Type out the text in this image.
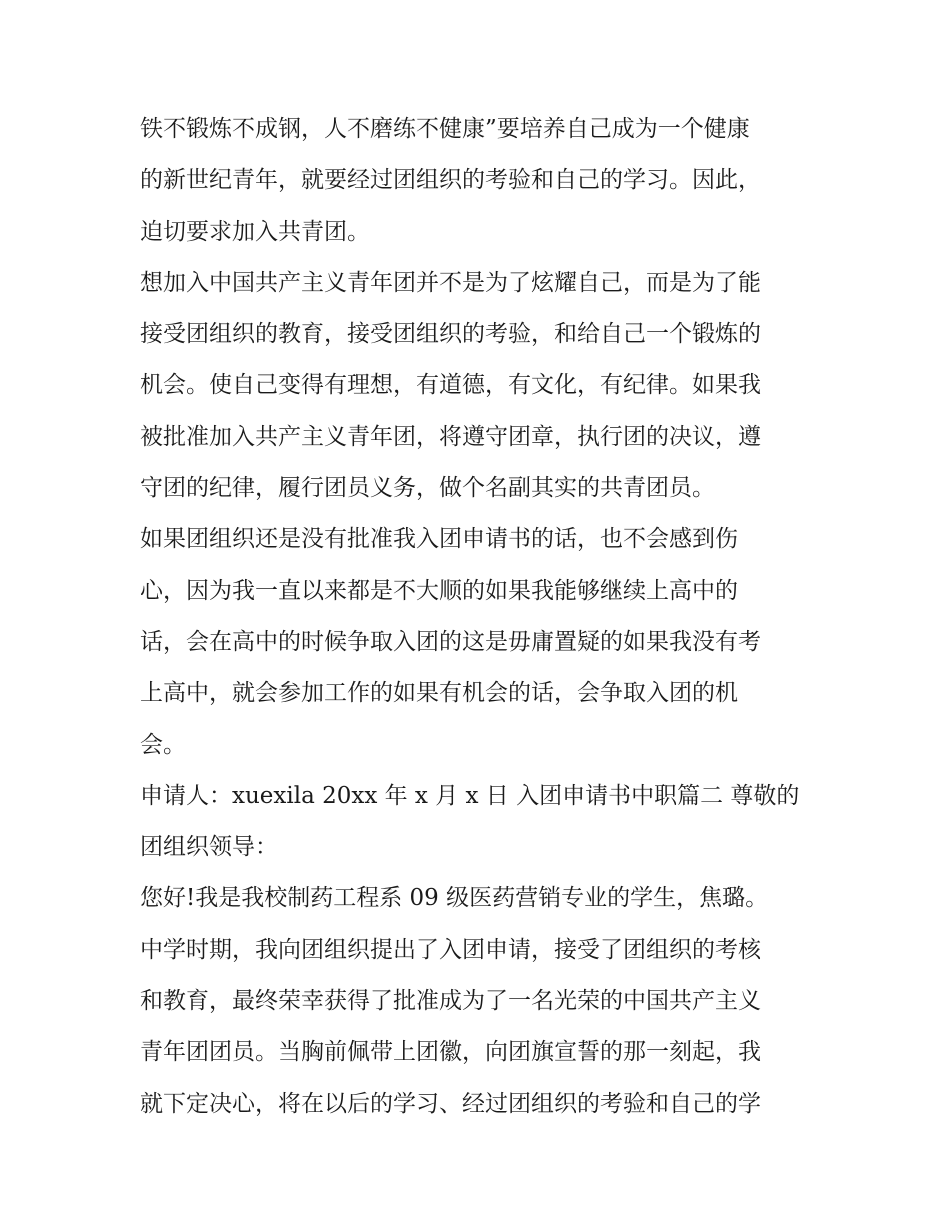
铁不锻炼不成钢，人不磨练不健康”要培养自己成为一个健康
的新世纪青年，就要经过团组织的考验和自己的学习。因此，
迫切要求加入共青团。
想加入中国共产主义青年团并不是为了炫耀自己，而是为了能
接受团组织的教育，接受团组织的考验，和给自己一个锻炼的
机会。使自己变得有理想，有道德，有文化，有纪律。如果我
被批准加入共产主义青年团，将遵守团章，执行团的决议，遵
守团的纪律，履行团员义务，做个名副其实的共青团员。
如果团组织还是没有批准我入团申请书的话，也不会感到伤
心，因为我一直以来都是不大顺的如果我能够继续上高中的
话，会在高中的时候争取入团的这是毋庸置疑的如果我没有考
上高中，就会参加工作的如果有机会的话，会争取入团的机
会。
申请人：xuexila 20xx 年 x 月 x 日 入团申请书中职篇二 尊敬的
团组织领导：
您好!我是我校制药工程系 09 级医药营销专业的学生，焦璐。
中学时期，我向团组织提出了入团申请，接受了团组织的考核
和教育，最终荣幸获得了批准成为了一名光荣的中国共产主义
青年团团员。当胸前佩带上团徽，向团旗宣誓的那一刻起，我
就下定决心，将在以后的学习、经过团组织的考验和自己的学
